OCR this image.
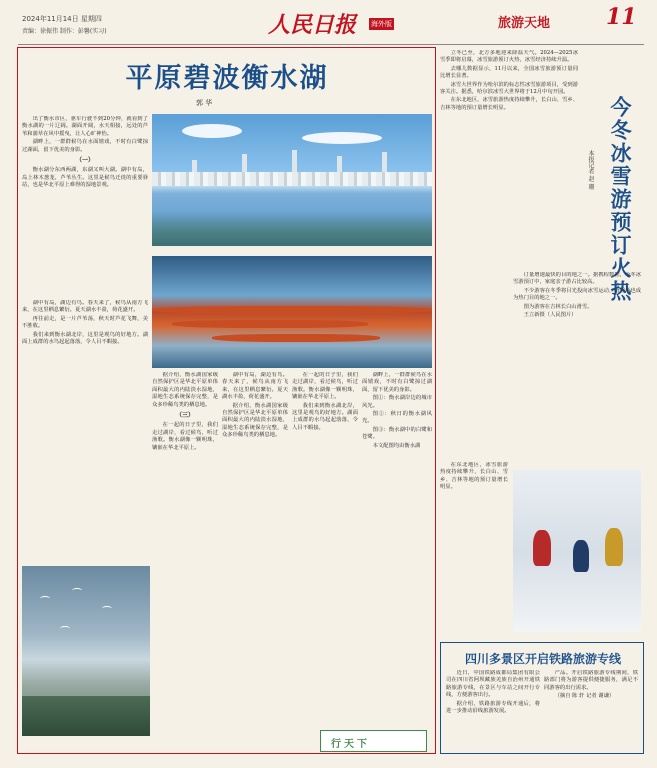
2024年11月14日 星期四
责编：徐振伟 制作：彭馨(实习)	人民日报 海外版	旅游天地	11
平原碧波衡水湖
郭 华

出了衡水市区，驱车行驶不到20分钟，就看到了衡水湖的一片辽阔。湖面开阔，水天相接，远处的芦苇和蒲草在风中摇曳，让人心旷神怡。

湖畔上，一群群候鸟在水面嬉戏，不时有白鹭掠过湖面，留下优美的身影。

（一）

衡水湖分东西两湖，东湖又叫大湖。湖中有岛，岛上林木葱茏，芦苇丛生。这里是候鸟迁徙的重要驿站，也是华北平原上难得的湿地景观。

湖中有岛，湖边有鸟。春天来了，候鸟从南方飞来，在这里栖息繁衍。夏天湖水丰盈，荷花盛开。

再往前走，是一片芦苇荡，秋天时芦花飞舞，美不胜收。

我们来到衡水湖北岸，这里是观鸟的好地方。湖面上成群的水鸟起起落落，令人目不暇接。

据介绍，衡水湖国家级自然保护区是华北平原单体面积最大的内陆淡水湿地，湿地生态系统保存完整，是众多珍稀鸟类的栖息地。

（三）

在一起的日子里，我们走过湖岸，看过候鸟，听过渔歌。衡水湖像一颗明珠，镶嵌在华北平原上。

湖中有岛，湖边有鸟。春天来了，候鸟从南方飞来，在这里栖息繁衍。夏天湖水丰盈，荷花盛开。

据介绍，衡水湖国家级自然保护区是华北平原单体面积最大的内陆淡水湿地，湿地生态系统保存完整，是众多珍稀鸟类的栖息地。

在一起的日子里，我们走过湖岸，看过候鸟，听过渔歌。衡水湖像一颗明珠，镶嵌在华北平原上。

我们来到衡水湖北岸，这里是观鸟的好地方。湖面上成群的水鸟起起落落，令人目不暇接。

湖畔上，一群群候鸟在水面嬉戏，不时有白鹭掠过湖面，留下优美的身影。

图①：衡水湖岸边的城市风光。

图②：秋日的衡水湖风光。

图③：衡水湖中的白鹭和苍鹭。

本文配图均由衡水湖

行天下

立冬已至，北方多地迎来降温天气。2024—2025冰雪季即将启幕，冰雪旅游预订火热，冰雪经济持续升温。

去哪儿数据显示，11月以来，全国冰雪旅游预订量同比增长显著。

冰雪大世界作为哈尔滨的标志性冰雪旅游项目，受到游客关注。据悉，哈尔滨冰雪大世界将于12月中旬开园。

在东北地区，冰雪旅游热度持续攀升，长白山、雪乡、吉林等地的预订量增长明显。

在东北地区，冰雪旅游热度持续攀升，长白山、雪乡、吉林等地的预订量增长明显。

今冬冰雪游预订火热
本报记者 赵 珊

订量增速最快的目的地之一。据携程数据，今冬冰雪游预订中，家庭亲子游占比较高。

不少游客在冬季将目光投向冰雪运动，滑雪场也成为热门目的地之一。

图为游客在吉林长白山滑雪。

王立新摄（人民图片）

四川多景区开启铁路旅游专线

近日，中国铁路成都局集团有限公司在四川省阿坝藏族羌族自治州开通铁路旅游专线，在景区与车站之间开行专线，方便游客出行。

据介绍，铁路旅游专线开通后，将进一步推动沿线旅游发展。

产品。开启铁路旅游专线期间，铁路部门将为游客提供便捷服务，满足不同游客的出行需求。

（摘自 陈 轩 记者 谢谦）
